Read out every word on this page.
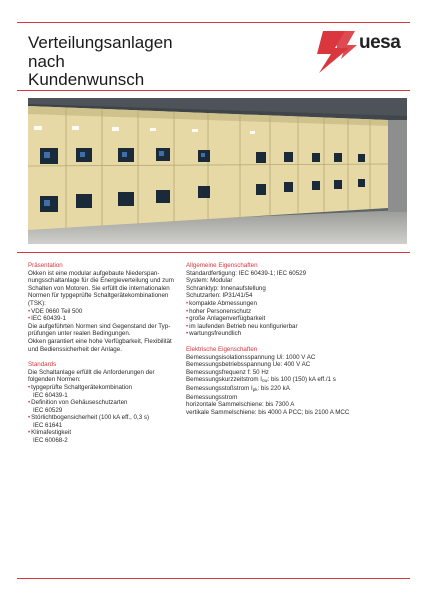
Verteilungsanlagen
nach
Kundenwunsch
uesa
Präsentation
Okken ist eine modular aufgebaute Niederspan-
nungsschaltanlage für die Energieverteilung und zum
Schalten von Motoren. Sie erfüllt die internationalen
Normen für typgeprüfte Schaltgerätekombinationen
(TSK):
• VDE 0660 Teil 500
• IEC 60439-1
Die aufgeführten Normen sind Gegenstand der Typ-
prüfungen unter realen Bedingungen.
Okken garantiert eine hohe Verfügbarkeit, Flexibilität
und Bedienssicherheit der Anlage.
Standards
Die Schaltanlage erfüllt die Anforderungen der
folgenden Normen:
• typgeprüfte Schaltgerätekombination
IEC 60439-1
• Definition von Gehäuseschutzarten
IEC 60529
• Störlichtbogensicherheit (100 kA eff., 0,3 s)
IEC 61641
• Klimafestigkeit
IEC 60068-2
Allgemeine Eigenschaften
Standardfertigung: IEC 60439-1; IEC 60529
System: Modular
Schranktyp: Innenaufstellung
Schutzarten: IP31/41/54
• kompakte Abmessungen
• hoher Personenschutz
• große Anlagenverfügbarkeit
• im laufenden Betrieb neu konfigurierbar
• wartungsfreundlich
Elektrische Eigenschaften
Bemessungsisolationsspannung Ui: 1000 V AC
Bemessungsbetriebsspannung Ue: 400 V AC
Bemessungsfrequenz f: 50 Hz
Bemessungskurzzeitstrom $I_{cw}$: bis 100 (150) kA eff./1 s
Bemessungsstoßstrom $I_{pk}$: bis 220 kA
Bemessungsstrom
horizontale Sammelschiene: bis 7300 A
vertikale Sammelschiene: bis 4000 A PCC; bis 2100 A MCC
